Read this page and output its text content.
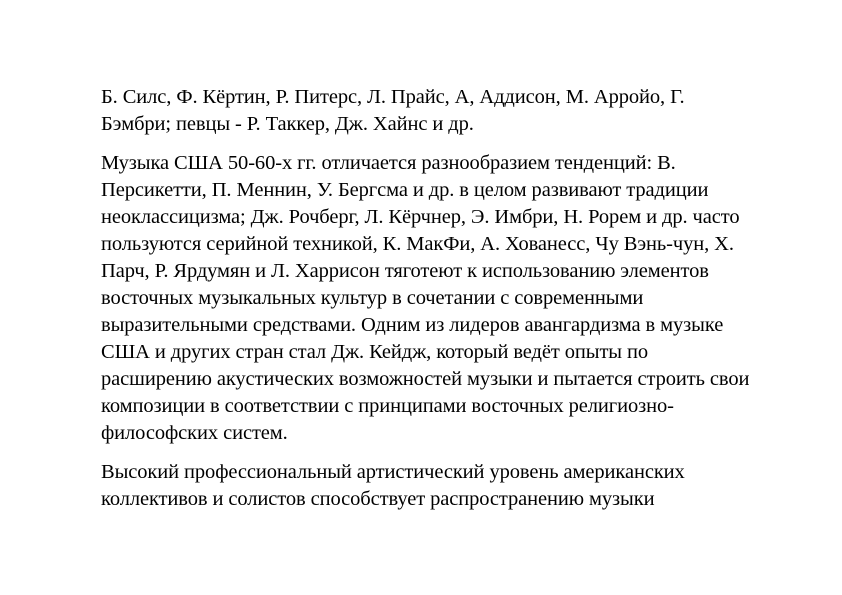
Б. Силс, Ф. Кёртин, Р. Питерс, Л. Прайс, А, Аддисон, М. Арройо, Г. Бэмбри; певцы - Р. Таккер, Дж. Хайнс и др.

Музыка США 50-60-х гг. отличается разнообразием тенденций: В. Персикетти, П. Меннин, У. Бергсма и др. в целом развивают традиции неоклассицизма; Дж. Рочберг, Л. Кёрчнер, Э. Имбри, Н. Рорем и др. часто пользуются серийной техникой, К. МакФи, А. Хованесс, Чу Вэнь-чун, Х. Парч, Р. Ярдумян и Л. Харрисон тяготеют к использованию элементов восточных музыкальных культур в сочетании с современными выразительными средствами. Одним из лидеров авангардизма в музыке США и других стран стал Дж. Кейдж, который ведёт опыты по расширению акустических возможностей музыки и пытается строить свои композиции в соответствии с принципами восточных религиозно-философских систем.

Высокий профессиональный артистический уровень американских коллективов и солистов способствует распространению музыки
